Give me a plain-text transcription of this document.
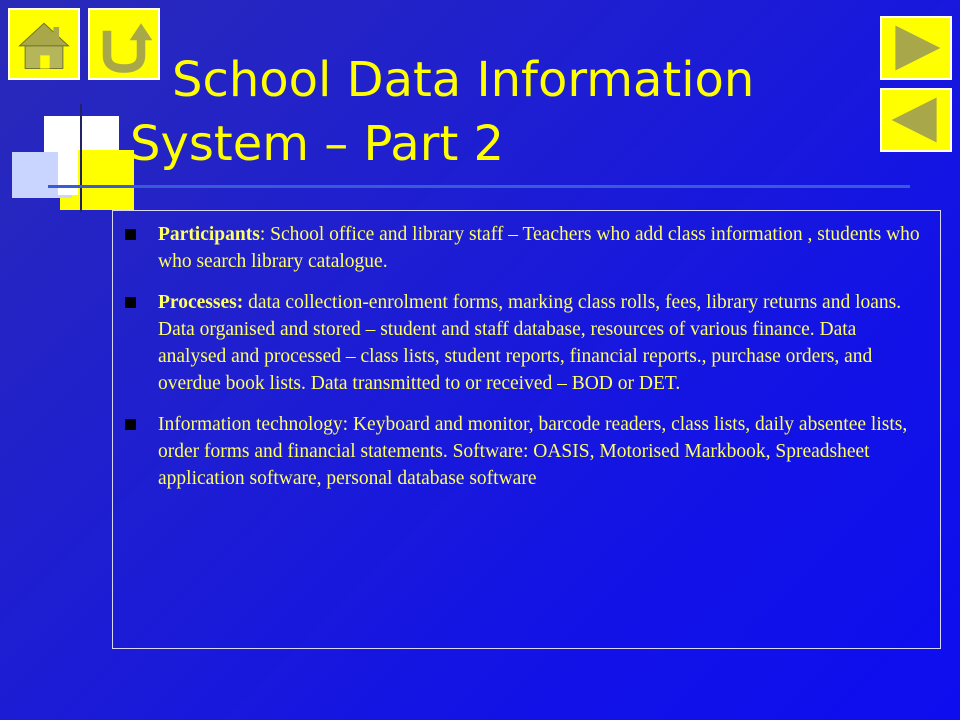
School Data Information
System – Part 2
Participants: School office and library staff – Teachers who add class information , students who who search library catalogue.
Processes: data collection-enrolment forms, marking class rolls, fees, library returns and loans. Data organised and stored – student and staff database, resources of various finance. Data analysed and processed – class lists, student reports, financial reports., purchase orders, and overdue book lists. Data transmitted to or received – BOD or DET.
Information technology: Keyboard and monitor, barcode readers, class lists, daily absentee lists, order forms and financial statements. Software: OASIS, Motorised Markbook, Spreadsheet application software, personal database software
